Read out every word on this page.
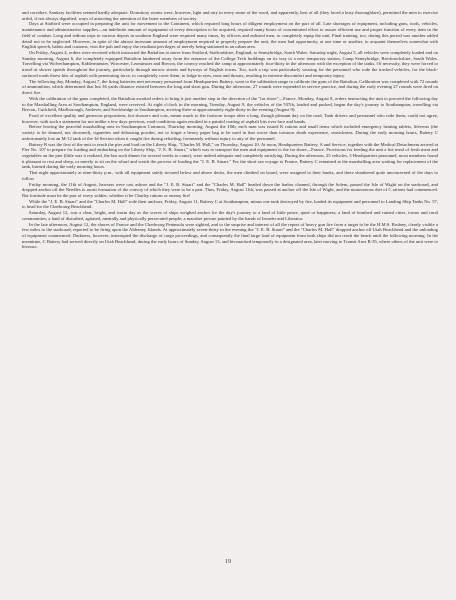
and corridors. Sanitary facilities seemed hardly adequate. Dormitory rooms were, however, light and airy in every sense of the word, and apparently, best of all (they faced a busy thoroughfare), permitted the men to exercise artful, if not always dignified, ways of attracting the attention of the fairer members of society.

Days at Stafford were occupied in preparing the unit for movement to the Continent, which required long hours of diligent employment on the part of all. Late shortages of equipment, including guns, tools, vehicles, maintenance and administrative supplies—an indefinite amount of equipment of every description to be acquired, required many hours of concentrated effort to assure efficient use and proper function of every item in the field of combat. Long and tedious trips to various depots in southern England were required many times, by officers and enlisted men, to completely equip the unit. Final training, too, during this period was another added detail not to be neglected. However, in spite of the almost incessant amount of employment required to properly prepare the unit, the men had opportunity, at one time or another, to acquaint themselves somewhat with English speech, habits and customs, visit the pub and enjoy the resultant privileges of merely being stationed in an urban area.

On Friday, August 4, orders were received which instructed the Battalion to move from Stafford, Staffordshire, England, to Sennybridge, South Wales. Saturday night, August 5, all vehicles were completely loaded and on Sunday morning, August 6, the completely equipped Battalion lumbered away from the entrance of the College Tech buildings on its way to a new temporary station, Camp Sennybridge, Brecknockshire, South Wales. Travelling via Wolverhampton, Kidderminster, Worcester, Leominster and Brecon, the convoy reached the camp at approximately four-thirty in the afternoon with the exception of the tanks. Of necessity, they were forced to travel at slower speeds throughout the journey, particularly through narrow streets and byways of English towns. Too, such a trip was particularly wearing for the personnel who rode the tracked vehicles, for the black-surfaced roads threw bits of asphalt with penetrating force, to completely cover them, to lodge in eyes, nose and throats, resulting in extreme discomfort and temporary injury.

The following day, Monday, August 7, the firing batteries met necessary personnel from Headquarters Battery, went to the calibration range to calibrate the guns of the Battalion. Calibration was completed with 72 rounds of ammunition, which determined that but 36 yards distance existed between the long and short gun. During the afternoon, 27 rounds were expended in service practice, and during the early evening 27 rounds were fired on direct fire.

With the calibration of the guns completed, the Battalion awaited orders to bring it just another step in the direction of the "far shore"—France. Monday, August 8, orders instructing the unit to proceed the following day to the Marshalling Area at Southampton, England, were received. At eight o'clock in the morning, Tuesday, August 9, the vehicles of the 537th, loaded and packed, began the day's journey to Southampton, travelling via Brecon, Cuckfield, Marlborough, Andover, and Stockbridge to Southampton, arriving there at approximately eight-thirty in the evening (August 9).

Food of excellent quality and generous proportions, hot showers and cots, meant much to the footsore troops after a long, though pleasant day on the road. Tank drivers and personnel who rode them, could not agree, however, with such a statement for not unlike a few days previous, road conditions again resulted in a painful coating of asphalt bits over face and hands.

Before leaving the peaceful marshalling area in Southampton Common, Thursday morning, August the 10th, each man was issued K rations and small items which included emergency heating tablets, lifevests (the variety to be donned, not drowned), cigarettes and delousing powder, not to forget a heavy paper bag to be used in that worse than tortuous death experience, seasickness. During the early morning hours, Battery C unfortunately lost an M-12 tank of the 3d Section when it caught fire during refueling, fortunately without injury to any of the personnel.

Battery B was the first of the unit to reach the pier and load on the Liberty Ship, "Charles M. Hall," on Thursday, August 10. At noon, Headquarters Battery, A and Service, together with the Medical Detachment arrived at Pier No. 107 to prepare for loading and embarking on the Liberty Ship, "J. E. B. Stuart," which was to transport the men and equipment to the far shore—France. Provisions for feeding the unit a hot meal of fresh meat and vegetables on the pier (little was it realized, the last such dinner for several weeks to come), were indeed adequate and completely satisfying. During the afternoon, 25 vehicles, 3 Headquarters personnel, most members found it pleasant to rest and sleep, or merely to sit on the wharf and watch the process of loading the "J. E. B. Stuart." For the short sea voyage to France, Battery C remained at the marshalling area waiting for replacement of the tank, burned during the early morning hours.

That night approximately at nine-thirty p.m., with all equipment safely secured below and above decks, the men climbed on board, were assigned to their bunks, and there slumbered quite unconcerned of the days to follow.

Friday morning, the 11th of August, hawsers were cast ashore and the "J. E. B. Stuart" and the "Charles M. Hall" headed down the harbor channel, through the Solent, passed the Isle of Wight on the starboard, and dropped anchor off the Needles to await formation of the convoy of which they were to be a part. Thus, Friday, August 11th, was passed at anchor off the Isle of Wight, and the monotonous diet of C rations had commenced. But fortitude must be the part of every soldier, whether it be Charley rations or enemy fire!

While the "J. E. B. Stuart" and the "Charles M. Hall" rode their anchors, Friday, August 11, Battery C at Southampton, minus one tank destroyed by fire, loaded its equipment and personnel to Landing Ship Tanks No. 57, to head for the Cherbourg Beachhead.

Saturday, August 12, was a clear, bright, and warm day as the scores of ships weighed anchor for the day's journey to a land of little peace, quiet or happiness; a land of bombed and ruined cities, towns and rural communities; a land of disturbed, agitated, mentally and physically persecuted people; a macabre picture painted by the hands of Invader and Liberator.

In the late afternoon, August 12, the shores of France and the Cherbourg Peninsula were sighted, and to the surprise and interest of all the report of heavy gun fire from a target to be the H.M.S. Rodney, clearly visible a few miles to the starboard, reported to be firing upon the Alderney Islands. At approximately seven-thirty in the evening the "J. E. B. Stuart" and the "Charles M. Hall" dropped anchor off Utah Beachhead and the unloading of equipment commenced. Darkness, however, interrupted the discharge of cargo proceedings, and consequently the final large load of equipment from both ships did not reach the beach until the following morning. In the meantime, C Battery had arrived directly on Utah Beachhead, during the early hours of Sunday, August 13, and bivouacked temporarily in a designated area, later moving to Transit Area B-35, where others of the unit were to bivouac.

19
